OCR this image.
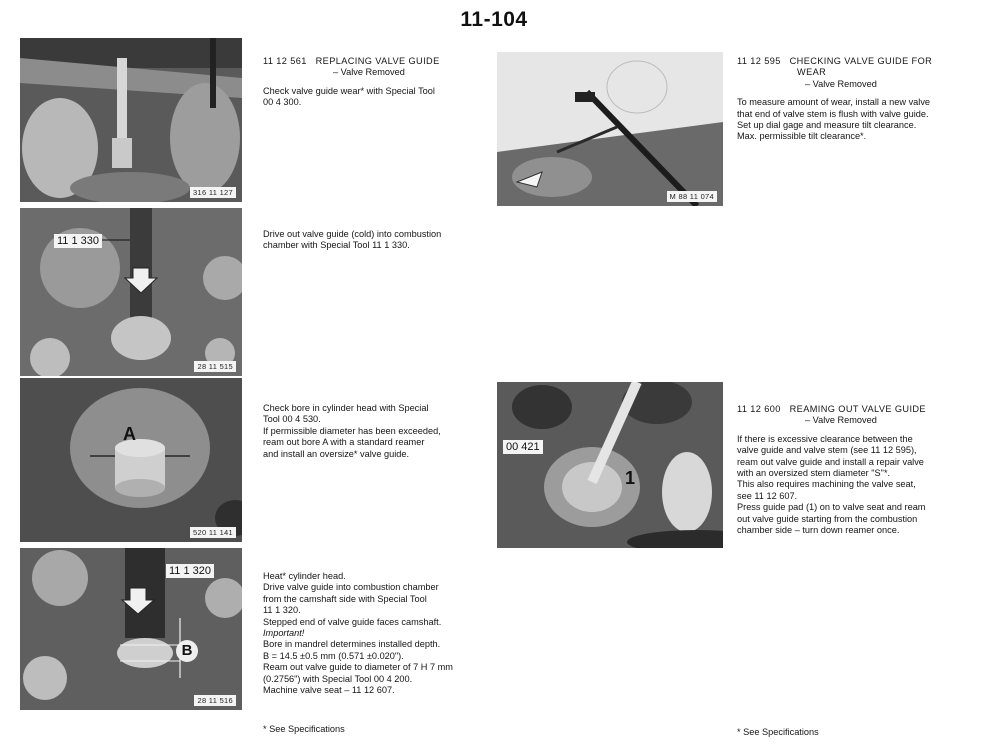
11-104
316 11 127
11 1 330
28 11 515
A
520 11 141
11 1 320
B
28 11 516
M 88 11 074
00 421
1
11 12 561   REPLACING VALVE GUIDE
– Valve Removed
Check valve guide wear* with Special Tool
00 4 300.
Drive out valve guide (cold) into combustion
chamber with Special Tool 11 1 330.
Check bore in cylinder head with Special
Tool 00 4 530.
If permissible diameter has been exceeded,
ream out bore A with a standard reamer
and install an oversize* valve guide.
Heat* cylinder head.
Drive valve guide into combustion chamber
from the camshaft side with Special Tool
11 1 320.
Stepped end of valve guide faces camshaft.
Important!
Bore in mandrel determines installed depth.
B = 14.5 ±0.5 mm (0.571 ±0.020").
Ream out valve guide to diameter of 7 H 7 mm
(0.2756") with Special Tool 00 4 200.
Machine valve seat – 11 12 607.
11 12 595   CHECKING VALVE GUIDE FOR
WEAR
– Valve Removed
To measure amount of wear, install a new valve
that end of valve stem is flush with valve guide.
Set up dial gage and measure tilt clearance.
Max. permissible tilt clearance*.
11 12 600   REAMING OUT VALVE GUIDE
– Valve Removed
If there is excessive clearance between the
valve guide and valve stem (see 11 12 595),
ream out valve guide and install a repair valve
with an oversized stem diameter "S"*.
This also requires machining the valve seat,
see 11 12 607.
Press guide pad (1) on to valve seat and ream
out valve guide starting from the combustion
chamber side – turn down reamer once.
* See Specifications	* See Specifications
